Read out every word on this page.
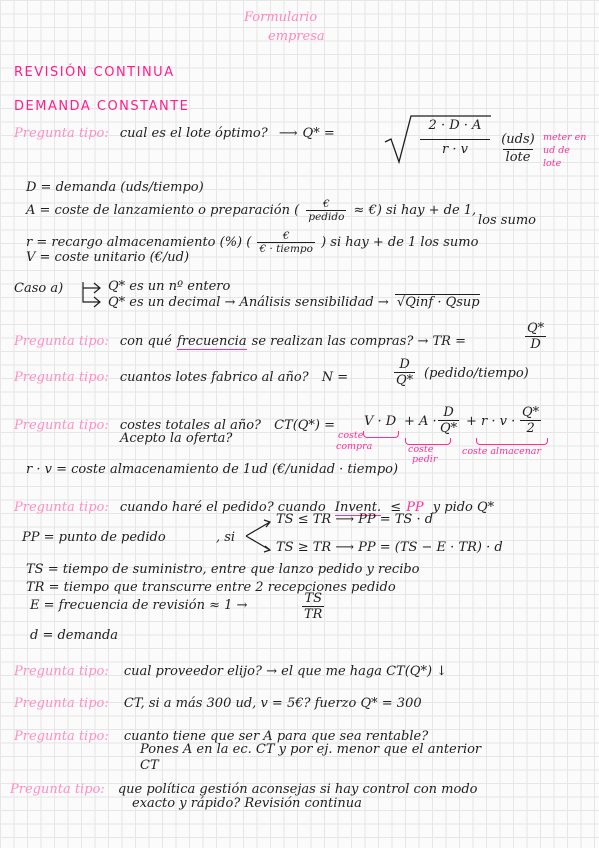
Formulario
empresa
REVISIÓN CONTINUA
DEMANDA CONSTANTE
Pregunta tipo: cual es el lote óptimo? ⟶ Q* =
2 · D · A
r · v
(uds)
lote
meter en
ud de
lote
D = demanda (uds/tiempo)
A = coste de lanzamiento o preparación ( $\frac{€}{\text{pedido}}$ ≈ €) si hay + de 1,
los sumo
r = recargo almacenamiento (%) ( $\frac{€}{\text{€ · tiempo}}$ ) si hay + de 1 los sumo
V = coste unitario (€/ud)
Caso a)	Q* es un nº entero
Q* es un decimal → Análisis sensibilidad → √Qinf · Qsup
Pregunta tipo: con qué frecuencia se realizan las compras? → TR =	$\frac{Q*}{D}$
Pregunta tipo: cuantos lotes fabrico al año? N =	$\frac{D}{Q*}$ (pedido/tiempo)
Pregunta tipo: costes totales al año? $CT(Q*) = V \cdot D + A \cdot \frac{D}{Q*} + r \cdot v \cdot \frac{Q*}{2}$
coste
compra	coste
pedir
coste almacenar
Acepto la oferta?
r · v = coste almacenamiento de 1ud (€/unidad · tiempo)
Pregunta tipo: cuando haré el pedido? cuando Invent. ≤ PP y pido Q*
PP = punto de pedido	, si
TS ≤ TR ⟶ PP = TS · d
TS ≥ TR ⟶ PP = (TS − E · TR) · d
TS = tiempo de suministro, entre que lanzo pedido y recibo
TR = tiempo que transcurre entre 2 recepciones pedido
E = frecuencia de revisión ≈ 1 →	$\frac{TS}{TR}$
d = demanda
Pregunta tipo: cual proveedor elijo? → el que me haga CT(Q*) ↓
Pregunta tipo: CT, si a más 300 ud, v = 5€? fuerzo Q* = 300
Pregunta tipo: cuanto tiene que ser A para que sea rentable?
Pones A en la ec. CT y por ej. menor que el anterior
CT
Pregunta tipo: que política gestión aconsejas si hay control con modo
exacto y rápido? Revisión continua
